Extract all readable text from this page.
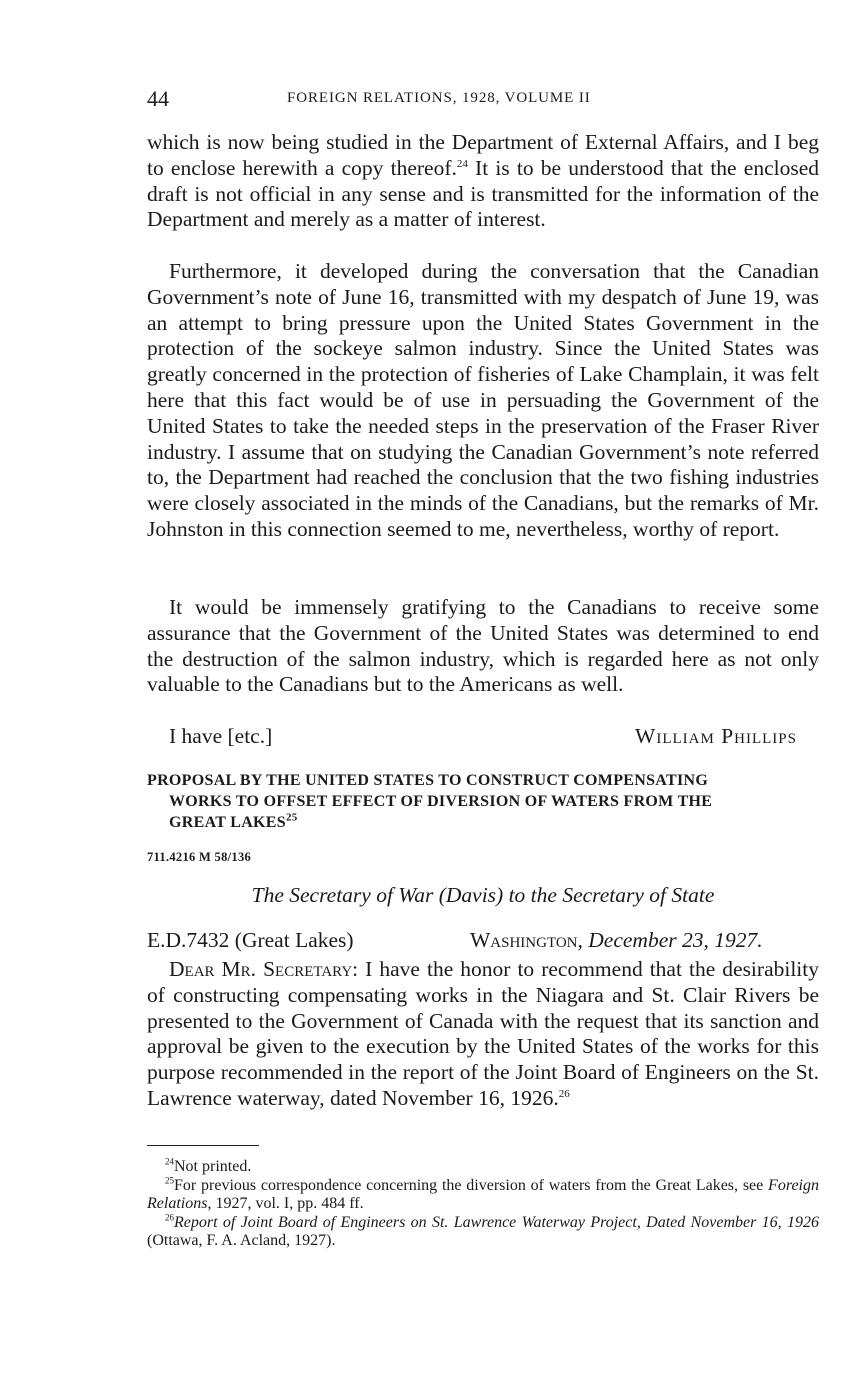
44	FOREIGN RELATIONS, 1928, VOLUME II

which is now being studied in the Department of External Affairs, and I beg to enclose herewith a copy thereof.$^{24}$ It is to be understood that the enclosed draft is not official in any sense and is transmitted for the information of the Department and merely as a matter of interest.

Furthermore, it developed during the conversation that the Canadian Government’s note of June 16, transmitted with my despatch of June 19, was an attempt to bring pressure upon the United States Government in the protection of the sockeye salmon industry. Since the United States was greatly concerned in the protection of fisheries of Lake Champlain, it was felt here that this fact would be of use in persuading the Government of the United States to take the needed steps in the preservation of the Fraser River industry. I assume that on studying the Canadian Government’s note referred to, the Department had reached the conclusion that the two fishing industries were closely associated in the minds of the Canadians, but the remarks of Mr. Johnston in this connection seemed to me, nevertheless, worthy of report.

It would be immensely gratifying to the Canadians to receive some assurance that the Government of the United States was determined to end the destruction of the salmon industry, which is regarded here as not only valuable to the Canadians but to the Americans as well.

I have [etc.]	William Phillips
PROPOSAL BY THE UNITED STATES TO CONSTRUCT COMPENSATING
WORKS TO OFFSET EFFECT OF DIVERSION OF WATERS FROM THE
GREAT LAKES$^{25}$
711.4216 M 58/136
The Secretary of War (Davis) to the Secretary of State
E.D.7432 (Great Lakes)	Washington, December 23, 1927.

Dear Mr. Secretary: I have the honor to recommend that the desirability of constructing compensating works in the Niagara and St. Clair Rivers be presented to the Government of Canada with the request that its sanction and approval be given to the execution by the United States of the works for this purpose recommended in the report of the Joint Board of Engineers on the St. Lawrence waterway, dated November 16, 1926.26

$^{24}$Not printed.

$^{25}$For previous correspondence concerning the diversion of waters from the Great Lakes, see Foreign Relations, 1927, vol. I, pp. 484 ff.

$^{26}$Report of Joint Board of Engineers on St. Lawrence Waterway Project, Dated November 16, 1926 (Ottawa, F. A. Acland, 1927).
